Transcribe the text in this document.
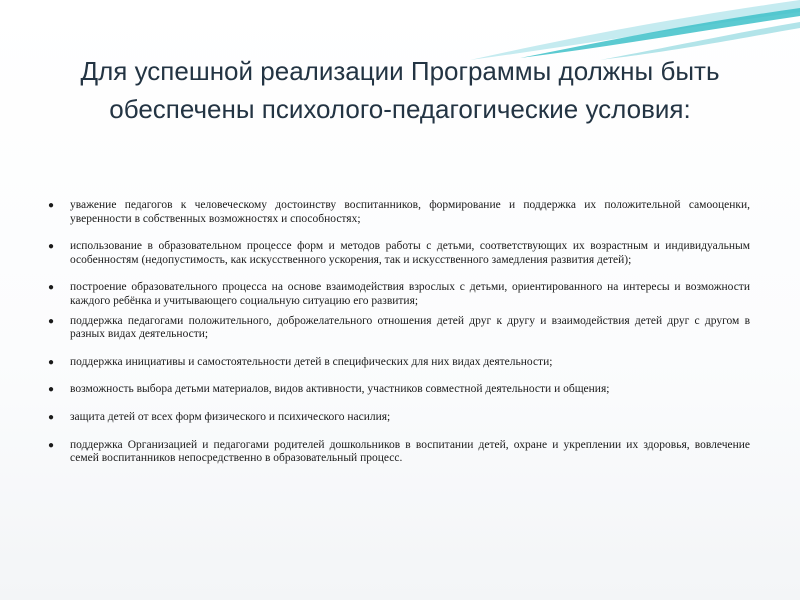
Для успешной реализации Программы должны быть обеспечены психолого-педагогические условия:

● уважение педагогов к человеческому достоинству воспитанников, формирование и поддержка их положительной самооценки, уверенности в собственных возможностях и способностях;

● использование в образовательном процессе форм и методов работы с детьми, соответствующих их возрастным и индивидуальным особенностям (недопустимость, как искусственного ускорения, так и искусственного замедления развития детей);

● построение образовательного процесса на основе взаимодействия взрослых с детьми, ориентированного на интересы и возможности каждого ребёнка и учитывающего социальную ситуацию его развития;

● поддержка педагогами положительного, доброжелательного отношения детей друг к другу и взаимодействия детей друг с другом в разных видах деятельности;

● поддержка инициативы и самостоятельности детей в специфических для них видах деятельности;

● возможность выбора детьми материалов, видов активности, участников совместной деятельности и общения;

● защита детей от всех форм физического и психического насилия;

● поддержка Организацией и педагогами родителей дошкольников в воспитании детей, охране и укреплении их здоровья, вовлечение семей воспитанников непосредственно в образовательный процесс.
